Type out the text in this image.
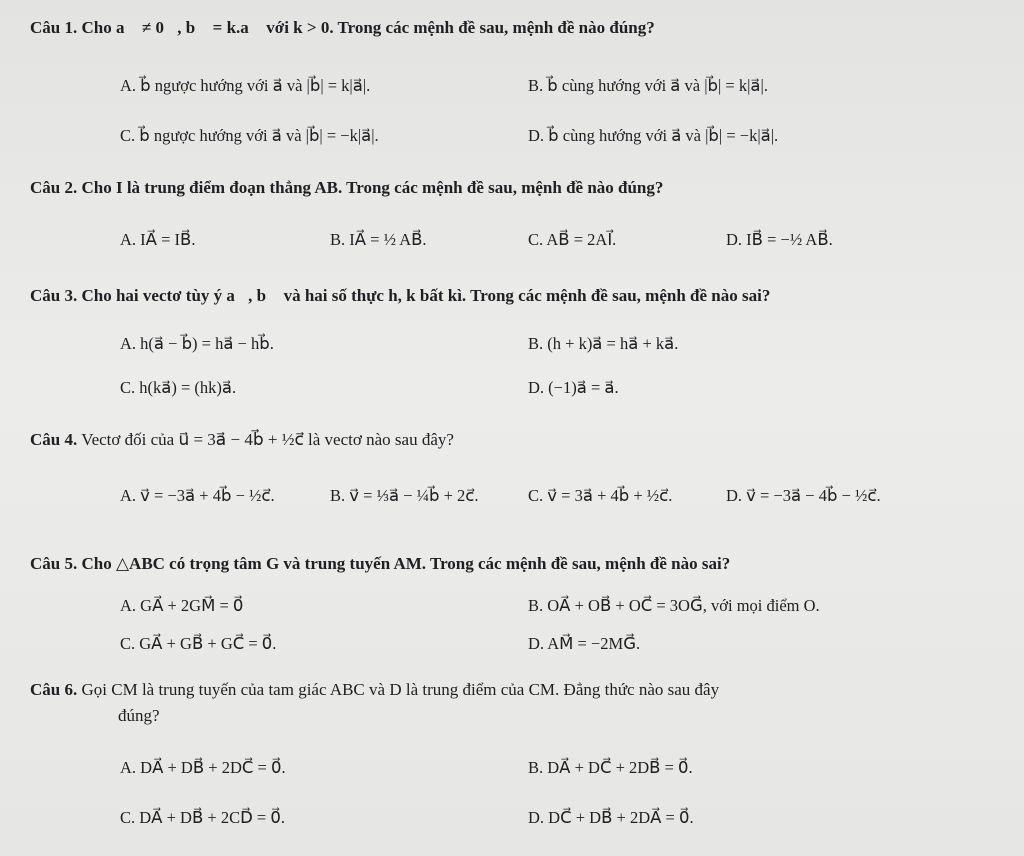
Câu 1. Cho a⃗ ≠ 0⃗, b⃗ = k.a⃗ với k > 0. Trong các mệnh đề sau, mệnh đề nào đúng?
A. b⃗ ngược hướng với a⃗ và |b⃗| = k|a⃗|.	B. b⃗ cùng hướng với a⃗ và |b⃗| = k|a⃗|.
C. b⃗ ngược hướng với a⃗ và |b⃗| = −k|a⃗|.	D. b⃗ cùng hướng với a⃗ và |b⃗| = −k|a⃗|.
Câu 2. Cho I là trung điểm đoạn thẳng AB. Trong các mệnh đề sau, mệnh đề nào đúng?
A. IA⃗ = IB⃗.	B. IA⃗ = ½ AB⃗.	C. AB⃗ = 2AI⃗.	D. IB⃗ = −½ AB⃗.
Câu 3. Cho hai vectơ tùy ý a⃗, b⃗ và hai số thực h, k bất kì. Trong các mệnh đề sau, mệnh đề nào sai?
A. h(a⃗ − b⃗) = ha⃗ − hb⃗.	B. (h + k)a⃗ = ha⃗ + ka⃗.
C. h(ka⃗) = (hk)a⃗.	D. (−1)a⃗ = a⃗.
Câu 4. Vectơ đối của u⃗ = 3a⃗ − 4b⃗ + ½c⃗ là vectơ nào sau đây?
A. v⃗ = −3a⃗ + 4b⃗ − ½c⃗.	B. v⃗ = ⅓a⃗ − ¼b⃗ + 2c⃗.	C. v⃗ = 3a⃗ + 4b⃗ + ½c⃗.	D. v⃗ = −3a⃗ − 4b⃗ − ½c⃗.
Câu 5. Cho △ABC có trọng tâm G và trung tuyến AM. Trong các mệnh đề sau, mệnh đề nào sai?
A. GA⃗ + 2GM⃗ = 0⃗	B. OA⃗ + OB⃗ + OC⃗ = 3OG⃗, với mọi điểm O.
C. GA⃗ + GB⃗ + GC⃗ = 0⃗.	D. AM⃗ = −2MG⃗.
Câu 6. Gọi CM là trung tuyến của tam giác ABC và D là trung điểm của CM. Đẳng thức nào sau đây
đúng?
A. DA⃗ + DB⃗ + 2DC⃗ = 0⃗.	B. DA⃗ + DC⃗ + 2DB⃗ = 0⃗.
C. DA⃗ + DB⃗ + 2CD⃗ = 0⃗.	D. DC⃗ + DB⃗ + 2DA⃗ = 0⃗.
